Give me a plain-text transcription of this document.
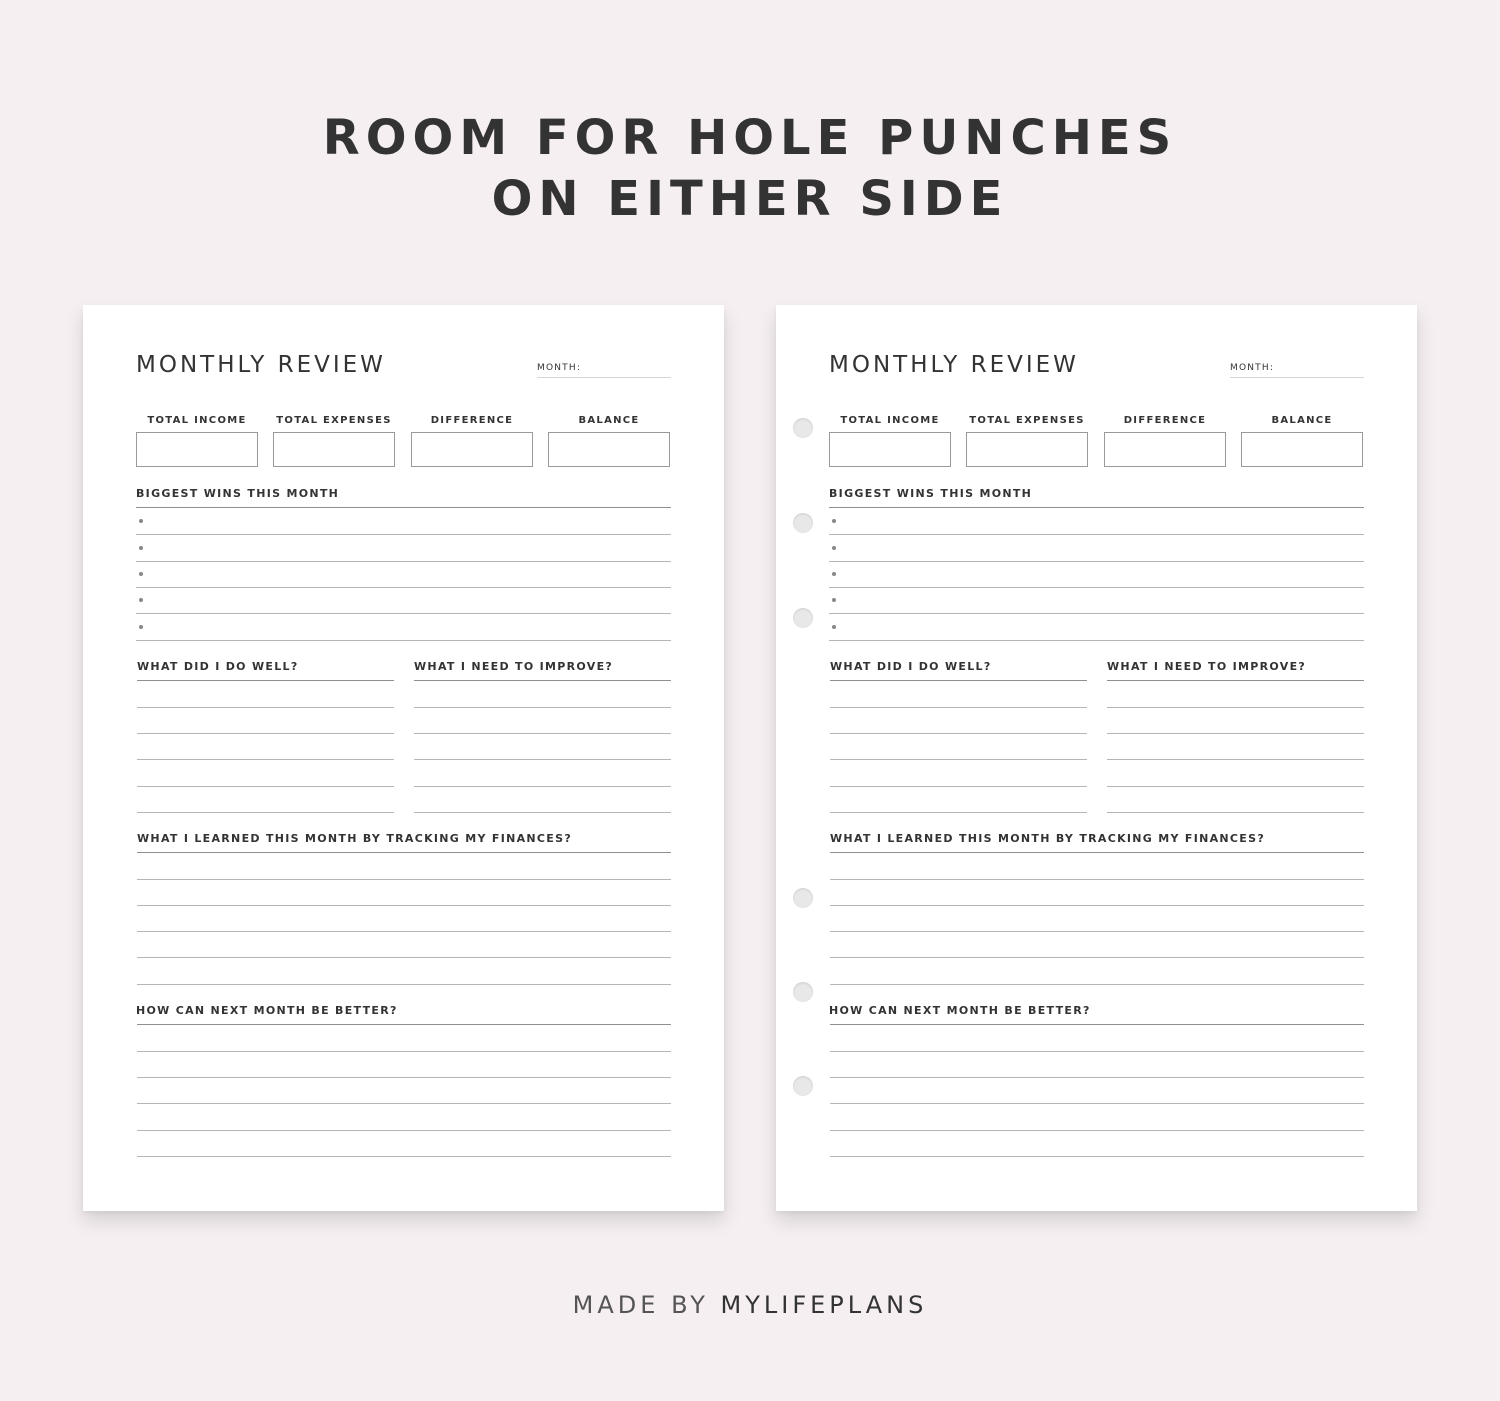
ROOM FOR HOLE PUNCHES
ON EITHER SIDE
MONTHLY REVIEW	MONTH:
TOTAL INCOME	TOTAL EXPENSES	DIFFERENCE	BALANCE
BIGGEST WINS THIS MONTH
WHAT DID I DO WELL?	WHAT I NEED TO IMPROVE?
WHAT I LEARNED THIS MONTH BY TRACKING MY FINANCES?
HOW CAN NEXT MONTH BE BETTER?
MONTHLY REVIEW	MONTH:
TOTAL INCOME	TOTAL EXPENSES	DIFFERENCE	BALANCE
BIGGEST WINS THIS MONTH
WHAT DID I DO WELL?	WHAT I NEED TO IMPROVE?
WHAT I LEARNED THIS MONTH BY TRACKING MY FINANCES?
HOW CAN NEXT MONTH BE BETTER?
MADE BY MYLIFEPLANS
